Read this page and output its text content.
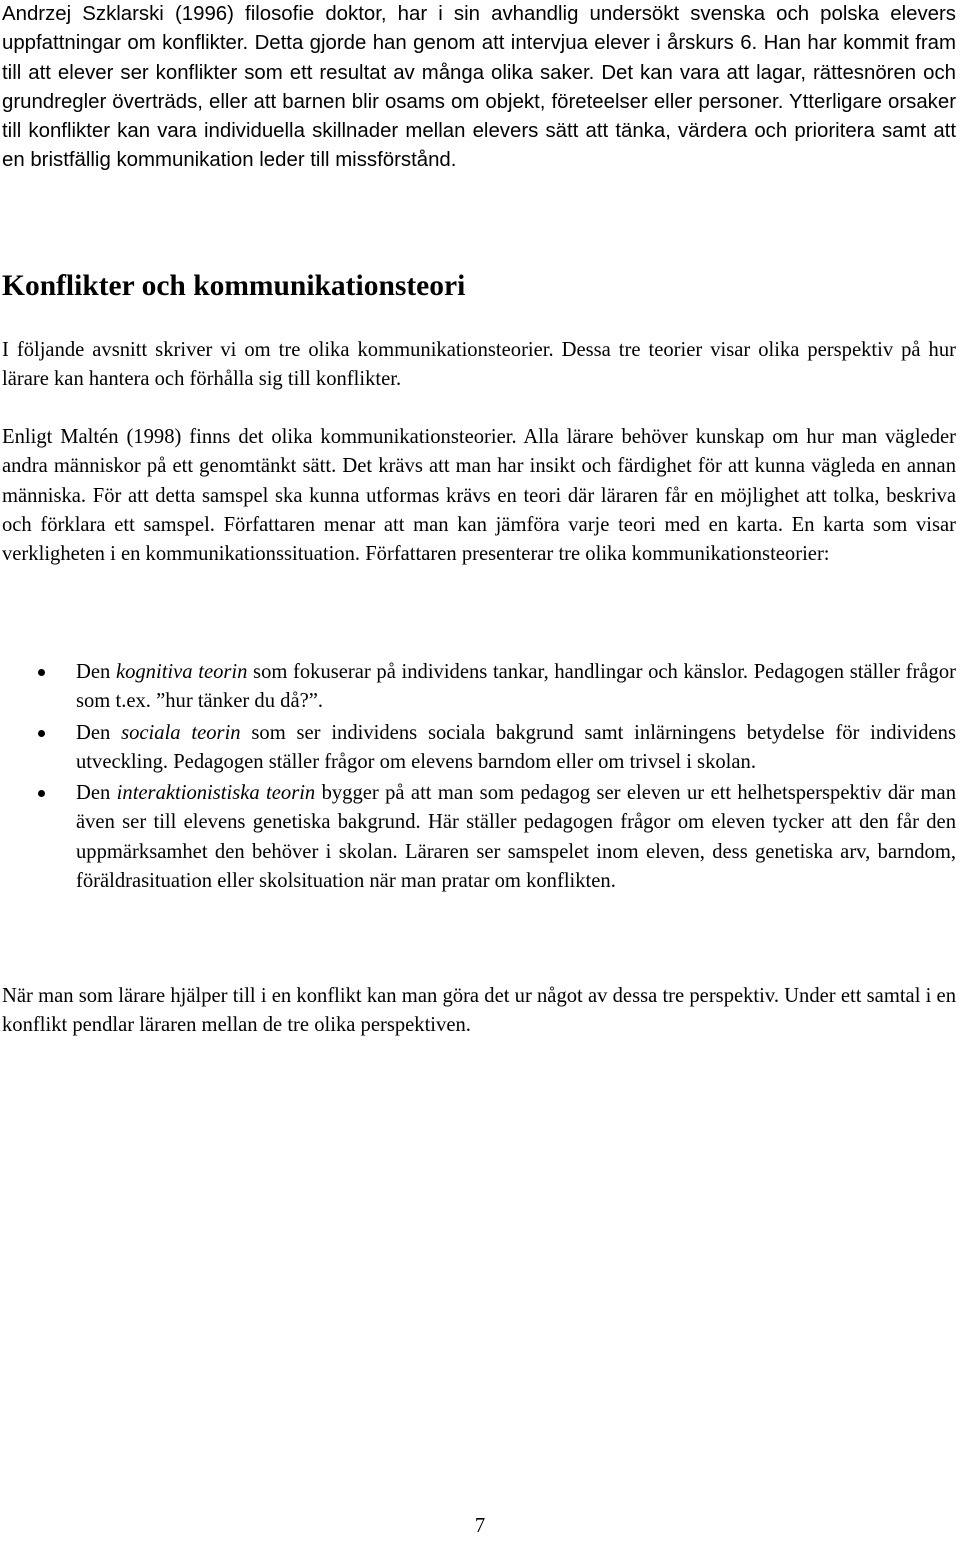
Andrzej Szklarski (1996) filosofie doktor, har i sin avhandlig undersökt svenska och polska elevers uppfattningar om konflikter. Detta gjorde han genom att intervjua elever i årskurs 6. Han har kommit fram till att elever ser konflikter som ett resultat av många olika saker. Det kan vara att lagar, rättesnören och grundregler överträds, eller att barnen blir osams om objekt, företeelser eller personer. Ytterligare orsaker till konflikter kan vara individuella skillnader mellan elevers sätt att tänka, värdera och prioritera samt att en bristfällig kommunikation leder till missförstånd.

Konflikter och kommunikationsteori

I följande avsnitt skriver vi om tre olika kommunikationsteorier. Dessa tre teorier visar olika perspektiv på hur lärare kan hantera och förhålla sig till konflikter.

Enligt Maltén (1998) finns det olika kommunikationsteorier. Alla lärare behöver kunskap om hur man vägleder andra människor på ett genomtänkt sätt. Det krävs att man har insikt och färdighet för att kunna vägleda en annan människa. För att detta samspel ska kunna utformas krävs en teori där läraren får en möjlighet att tolka, beskriva och förklara ett samspel. Författaren menar att man kan jämföra varje teori med en karta. En karta som visar verkligheten i en kommunikationssituation. Författaren presenterar tre olika kommunikationsteorier:

Den kognitiva teorin som fokuserar på individens tankar, handlingar och känslor. Pedagogen ställer frågor som t.ex. ”hur tänker du då?”.
Den sociala teorin som ser individens sociala bakgrund samt inlärningens betydelse för individens utveckling. Pedagogen ställer frågor om elevens barndom eller om trivsel i skolan.
Den interaktionistiska teorin bygger på att man som pedagog ser eleven ur ett helhetsperspektiv där man även ser till elevens genetiska bakgrund. Här ställer pedagogen frågor om eleven tycker att den får den uppmärksamhet den behöver i skolan. Läraren ser samspelet inom eleven, dess genetiska arv, barndom, föräldrasituation eller skolsituation när man pratar om konflikten.

När man som lärare hjälper till i en konflikt kan man göra det ur något av dessa tre perspektiv. Under ett samtal i en konflikt pendlar läraren mellan de tre olika perspektiven.

7
